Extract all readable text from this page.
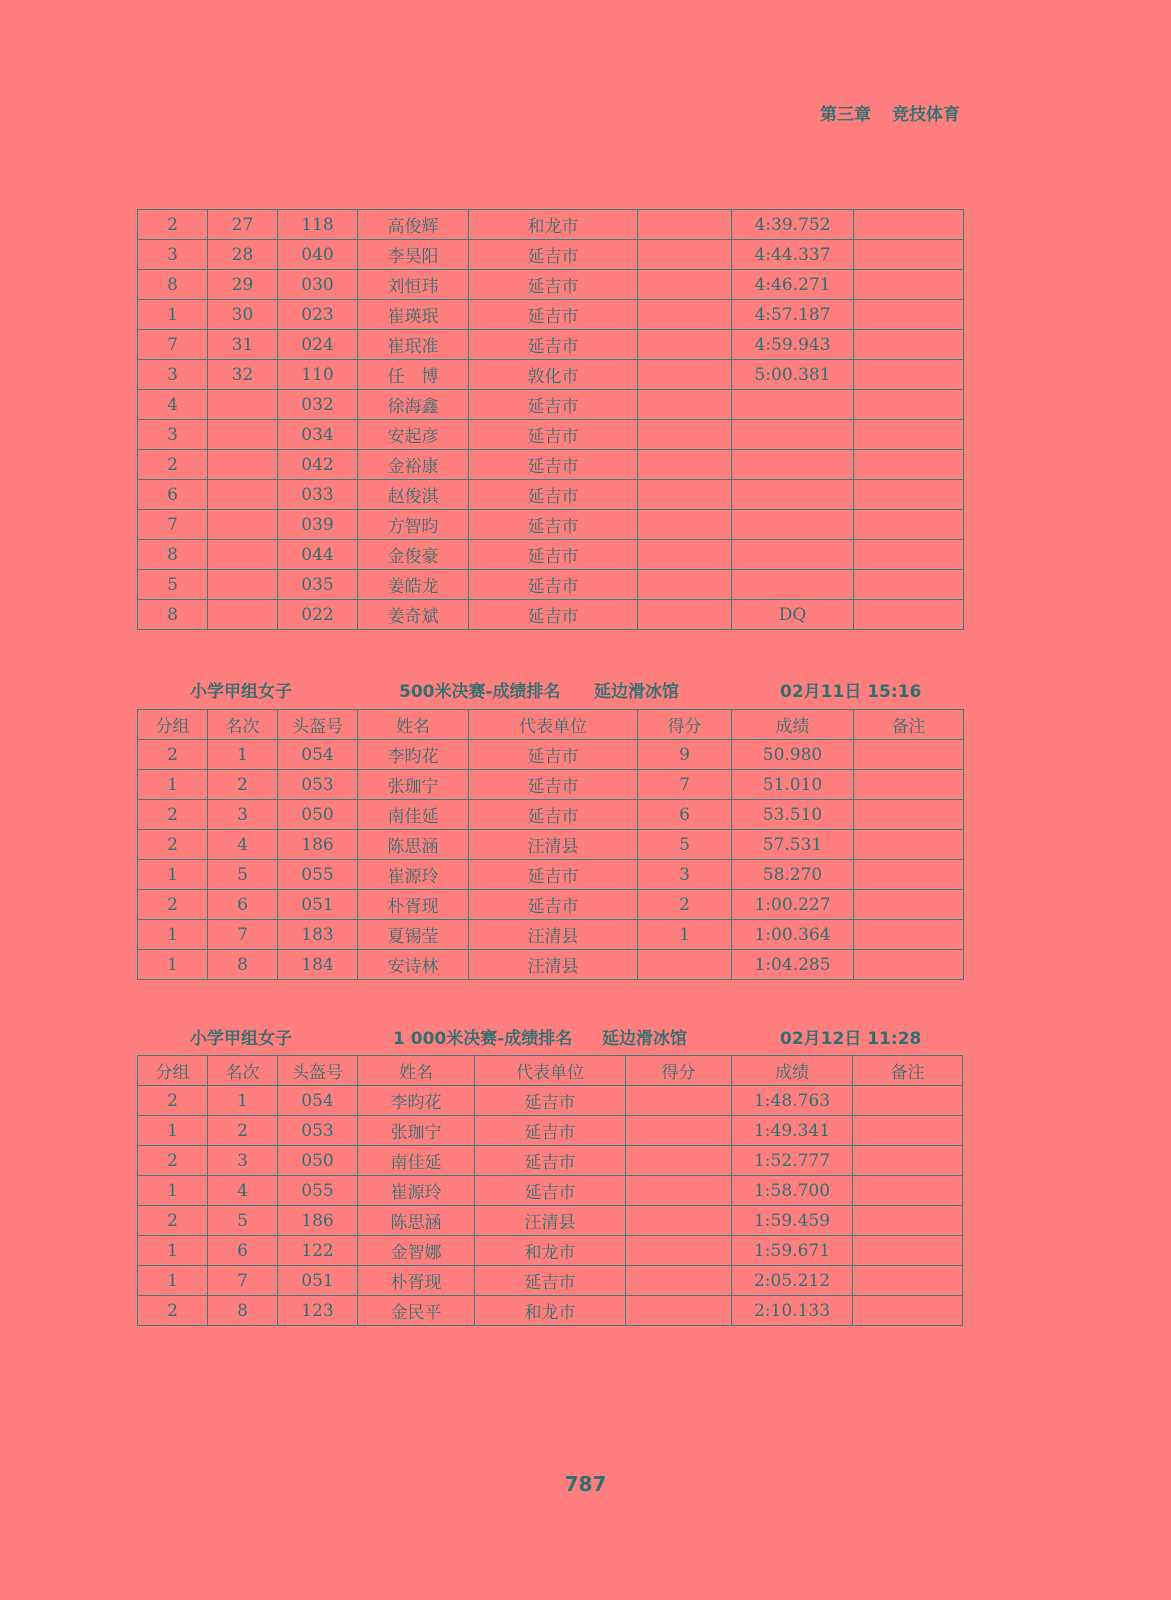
第三章 竞技体育
2	27	118	高俊辉	和龙市		4:39.752	
3	28	040	李昊阳	延吉市		4:44.337	
8	29	030	刘恒玮	延吉市		4:46.271	
1	30	023	崔瑛珉	延吉市		4:57.187	
7	31	024	崔珉准	延吉市		4:59.943	
3	32	110	任　博	敦化市		5:00.381	
4		032	徐海鑫	延吉市			
3		034	安起彦	延吉市			
2		042	金裕康	延吉市			
6		033	赵俊淇	延吉市			
7		039	方智昀	延吉市			
8		044	金俊豪	延吉市			
5		035	姜皓龙	延吉市			
8		022	姜奇斌	延吉市		DQ	
小学甲组女子	500米决赛-成绩排名 延边滑冰馆	02月11日 15:16
分组	名次	头盔号	姓名	代表单位	得分	成绩	备注
2	1	054	李昀花	延吉市	9	50.980	
1	2	053	张珈宁	延吉市	7	51.010	
2	3	050	南佳延	延吉市	6	53.510	
2	4	186	陈思涵	汪清县	5	57.531	
1	5	055	崔源玲	延吉市	3	58.270	
2	6	051	朴胥现	延吉市	2	1:00.227	
1	7	183	夏锡莹	汪清县	1	1:00.364	
1	8	184	安诗林	汪清县		1:04.285	
小学甲组女子	1 000米决赛-成绩排名 延边滑冰馆	02月12日 11:28
分组	名次	头盔号	姓名	代表单位	得分	成绩	备注
2	1	054	李昀花	延吉市		1:48.763	
1	2	053	张珈宁	延吉市		1:49.341	
2	3	050	南佳延	延吉市		1:52.777	
1	4	055	崔源玲	延吉市		1:58.700	
2	5	186	陈思涵	汪清县		1:59.459	
1	6	122	金智娜	和龙市		1:59.671	
1	7	051	朴胥现	延吉市		2:05.212	
2	8	123	金民平	和龙市		2:10.133	
787
